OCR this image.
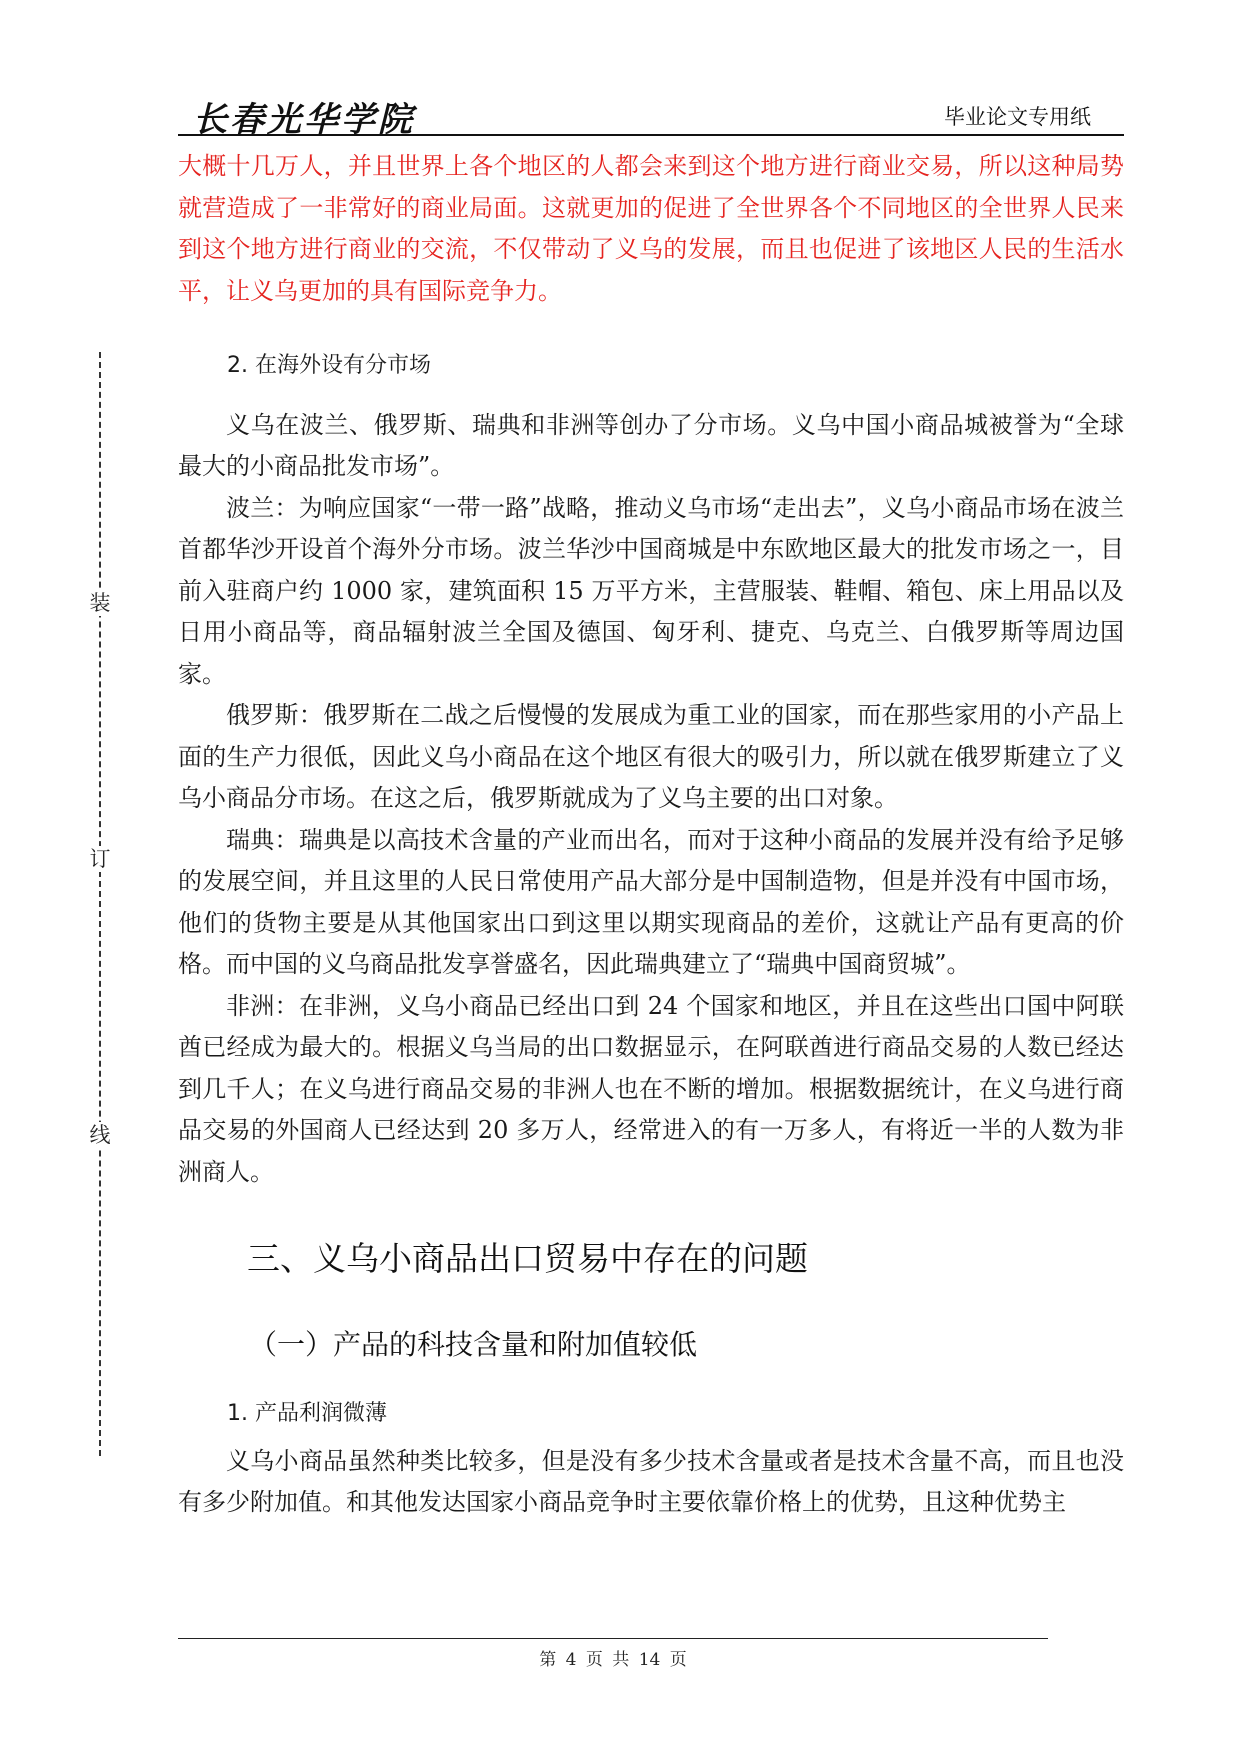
长春光华学院	毕业论文专用纸
装
订
线

大概十几万人，并且世界上各个地区的人都会来到这个地方进行商业交易，所以这种局势就营造成了一非常好的商业局面。这就更加的促进了全世界各个不同地区的全世界人民来到这个地方进行商业的交流，不仅带动了义乌的发展，而且也促进了该地区人民的生活水平，让义乌更加的具有国际竞争力。

2. 在海外设有分市场

义乌在波兰、俄罗斯、瑞典和非洲等创办了分市场。义乌中国小商品城被誉为“全球最大的小商品批发市场”。

波兰：为响应国家“一带一路”战略，推动义乌市场“走出去”，义乌小商品市场在波兰首都华沙开设首个海外分市场。波兰华沙中国商城是中东欧地区最大的批发市场之一，目前入驻商户约 1000 家，建筑面积 15 万平方米，主营服装、鞋帽、箱包、床上用品以及日用小商品等，商品辐射波兰全国及德国、匈牙利、捷克、乌克兰、白俄罗斯等周边国家。

俄罗斯：俄罗斯在二战之后慢慢的发展成为重工业的国家，而在那些家用的小产品上面的生产力很低，因此义乌小商品在这个地区有很大的吸引力，所以就在俄罗斯建立了义乌小商品分市场。在这之后，俄罗斯就成为了义乌主要的出口对象。

瑞典：瑞典是以高技术含量的产业而出名，而对于这种小商品的发展并没有给予足够的发展空间，并且这里的人民日常使用产品大部分是中国制造物，但是并没有中国市场，他们的货物主要是从其他国家出口到这里以期实现商品的差价，这就让产品有更高的价格。而中国的义乌商品批发享誉盛名，因此瑞典建立了“瑞典中国商贸城”。

非洲：在非洲，义乌小商品已经出口到 24 个国家和地区，并且在这些出口国中阿联酋已经成为最大的。根据义乌当局的出口数据显示，在阿联酋进行商品交易的人数已经达到几千人；在义乌进行商品交易的非洲人也在不断的增加。根据数据统计，在义乌进行商品交易的外国商人已经达到 20 多万人，经常进入的有一万多人，有将近一半的人数为非洲商人。

三、义乌小商品出口贸易中存在的问题
（一）产品的科技含量和附加值较低
1. 产品利润微薄

义乌小商品虽然种类比较多，但是没有多少技术含量或者是技术含量不高，而且也没有多少附加值。和其他发达国家小商品竞争时主要依靠价格上的优势，且这种优势主

第 4 页 共 14 页
